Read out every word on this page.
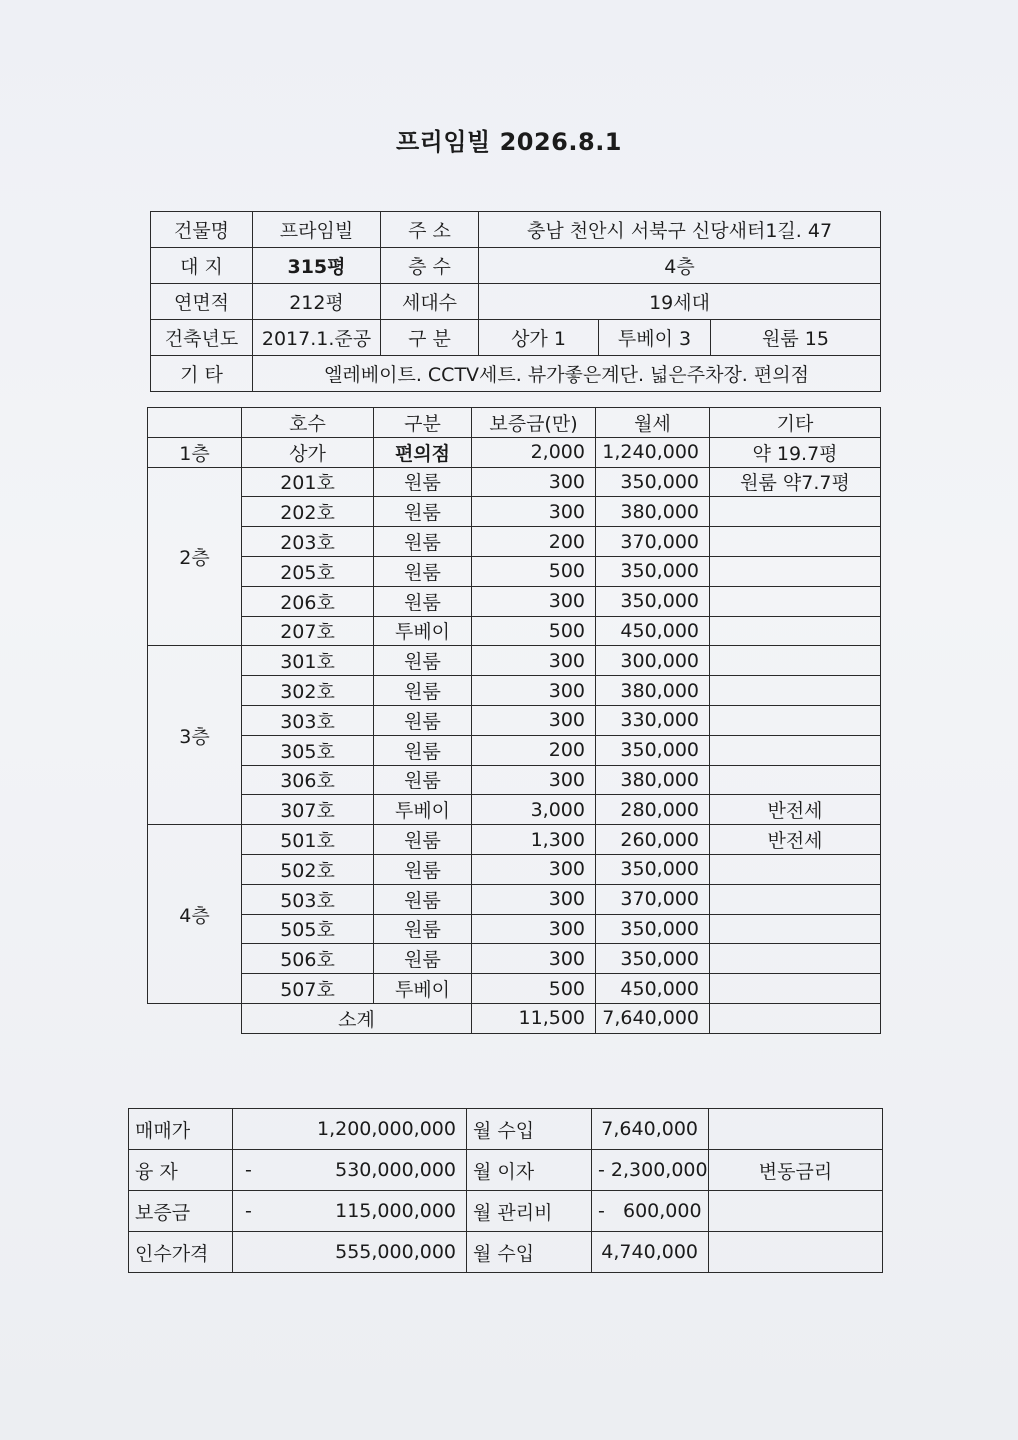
프리임빌 2026.8.1
건물명	프라임빌	주 소	충남 천안시 서북구 신당새터1길. 47		
대 지	315평	층 수	4층		
연면적	212평	세대수	19세대		
건축년도	2017.1.준공	구 분	상가 1	투베이 3	원룸 15
기 타	엘레베이트. CCTV세트. 뷰가좋은계단. 넓은주차장. 편의점				
	호수	구분	보증금(만)	월세	기타
1층	상가	편의점	2,000	1,240,000	약 19.7평
2층	201호	원룸	300	350,000	원룸 약7.7평
	202호	원룸	300	380,000	
	203호	원룸	200	370,000	
	205호	원룸	500	350,000	
	206호	원룸	300	350,000	
	207호	투베이	500	450,000	
3층	301호	원룸	300	300,000	
	302호	원룸	300	380,000	
	303호	원룸	300	330,000	
	305호	원룸	200	350,000	
	306호	원룸	300	380,000	
	307호	투베이	3,000	280,000	반전세
4층	501호	원룸	1,300	260,000	반전세
	502호	원룸	300	350,000	
	503호	원룸	300	370,000	
	505호	원룸	300	350,000	
	506호	원룸	300	350,000	
	507호	투베이	500	450,000	
	소계		11,500	7,640,000	
매매가	1,200,000,000	월 수입	7,640,000	
융 자	- 530,000,000	월 이자	- 2,300,000	변동금리
보증금	- 115,000,000	월 관리비	-   600,000	
인수가격	555,000,000	월 수입	4,740,000	
